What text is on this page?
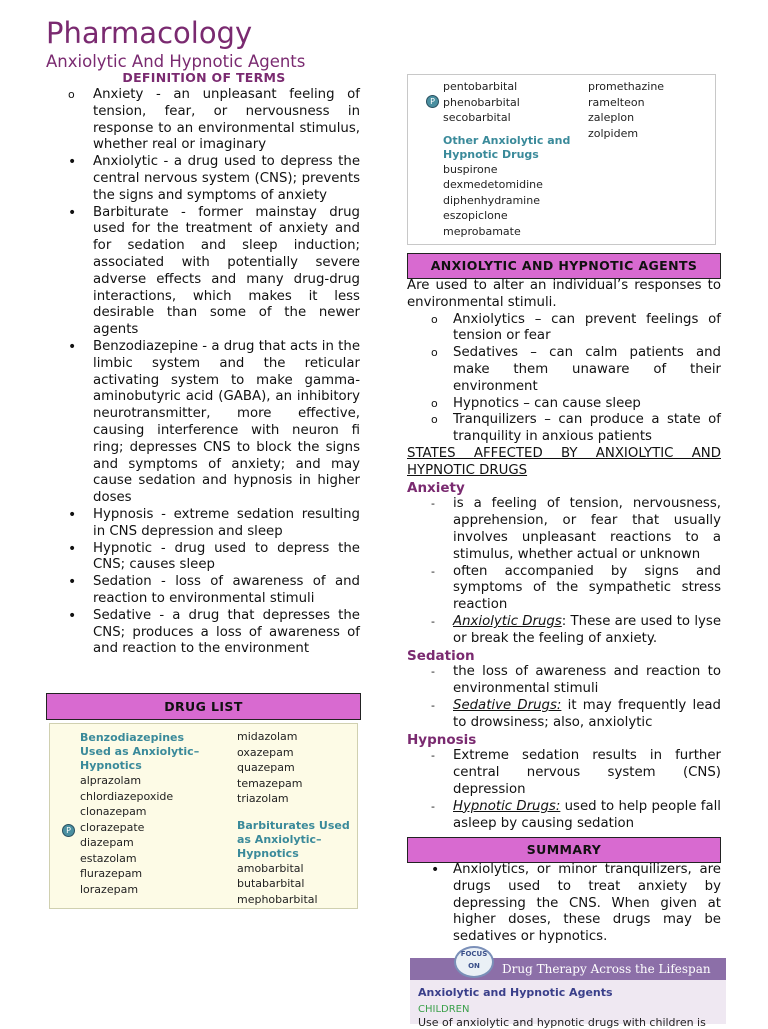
Pharmacology
Anxiolytic And Hypnotic Agents
DEFINITION OF TERMS
o Anxiety - an unpleasant feeling of tension, fear, or nervousness in response to an environmental stimulus, whether real or imaginary
• Anxiolytic - a drug used to depress the central nervous system (CNS); prevents the signs and symptoms of anxiety
• Barbiturate - former mainstay drug used for the treatment of anxiety and for sedation and sleep induction; associated with potentially severe adverse effects and many drug-drug interactions, which makes it less desirable than some of the newer agents
• Benzodiazepine - a drug that acts in the limbic system and the reticular activating system to make gamma-aminobutyric acid (GABA), an inhibitory neurotransmitter, more effective, causing interference with neuron fi ring; depresses CNS to block the signs and symptoms of anxiety; and may cause sedation and hypnosis in higher doses
• Hypnosis - extreme sedation resulting in CNS depression and sleep
• Hypnotic - drug used to depress the CNS; causes sleep
• Sedation - loss of awareness of and reaction to environmental stimuli
• Sedative - a drug that depresses the CNS; produces a loss of awareness of and reaction to the environment
DRUG LIST
Benzodiazepines Used as Anxiolytic–Hypnotics
alprazolam
chlordiazepoxide
clonazepam
clorazepate
diazepam
estazolam
flurazepam
lorazepam
P
midazolam
oxazepam
quazepam
temazepam
triazolam
Barbiturates Used as Anxiolytic–Hypnotics
amobarbital
butabarbital
mephobarbital
pentobarbital
phenobarbital
secobarbital
Other Anxiolytic and Hypnotic Drugs
buspirone
dexmedetomidine
diphenhydramine
eszopiclone
meprobamate
P
promethazine
ramelteon
zaleplon
zolpidem
ANXIOLYTIC AND HYPNOTIC AGENTS
Are used to alter an individual’s responses to environmental stimuli.
o Anxiolytics – can prevent feelings of tension or fear
o Sedatives – can calm patients and make them unaware of their environment
o Hypnotics – can cause sleep
o Tranquilizers – can produce a state of tranquility in anxious patients
STATES AFFECTED BY ANXIOLYTIC AND HYPNOTIC DRUGS
Anxiety
- is a feeling of tension, nervousness, apprehension, or fear that usually involves unpleasant reactions to a stimulus, whether actual or unknown
- often accompanied by signs and symptoms of the sympathetic stress reaction
- Anxiolytic Drugs: These are used to lyse or break the feeling of anxiety.
Sedation
- the loss of awareness and reaction to environmental stimuli
- Sedative Drugs: it may frequently lead to drowsiness; also, anxiolytic
Hypnosis
- Extreme sedation results in further central nervous system (CNS) depression
- Hypnotic Drugs: used to help people fall asleep by causing sedation
SUMMARY
• Anxiolytics, or minor tranquilizers, are drugs used to treat anxiety by depressing the CNS. When given at higher doses, these drugs may be sedatives or hypnotics.
Drug Therapy Across the Lifespan
FOCUS ON
Anxiolytic and Hypnotic Agents
CHILDREN
Use of anxiolytic and hypnotic drugs with children is
